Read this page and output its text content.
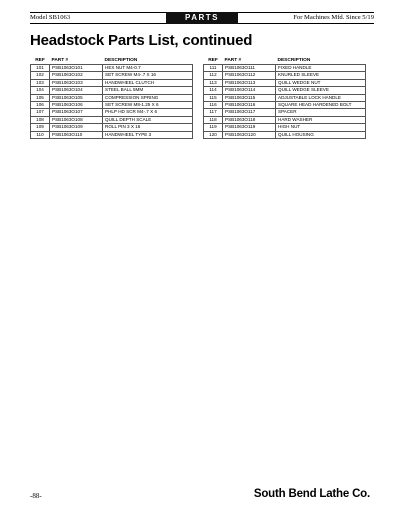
Model SB1063	PARTS	For Machines Mfd. Since 5/19
Headstock Parts List, continued
REF	PART #	DESCRIPTION
101	PSB1063O101	HEX NUT M4-0.7
102	PSB1063O102	SET SCREW M4-.7 X 16
103	PSB1063O103	HANDWHEEL CLUTCH
104	PSB1063O104	STEEL BALL 5MM
105	PSB1063O105	COMPRESSION SPRING
106	PSB1063O106	SET SCREW M8-1.25 X 6
107	PSB1063O107	PHLP HD SCR M4-.7 X 6
108	PSB1063O108	QUILL DEPTH SCALE
109	PSB1063O109	ROLL PIN 3 X 16
110	PSB1063O110	HANDWHEEL TYPE 3
REF	PART #	DESCRIPTION
111	PSB1063O111	FIXED HANDLE
112	PSB1063O112	KNURLED SLEEVE
113	PSB1063O113	QUILL WEDGE NUT
114	PSB1063O114	QUILL WEDGE SLEEVE
115	PSB1063O115	ADJUSTABLE LOCK HANDLE
116	PSB1063O116	SQUARE HEAD HARDENED BOLT
117	PSB1063O117	SPACER
118	PSB1063O118	HARD WASHER
119	PSB1063O119	HIGH NUT
120	PSB1063O120	QUILL HOUSING
-88-	South Bend Lathe Co.
